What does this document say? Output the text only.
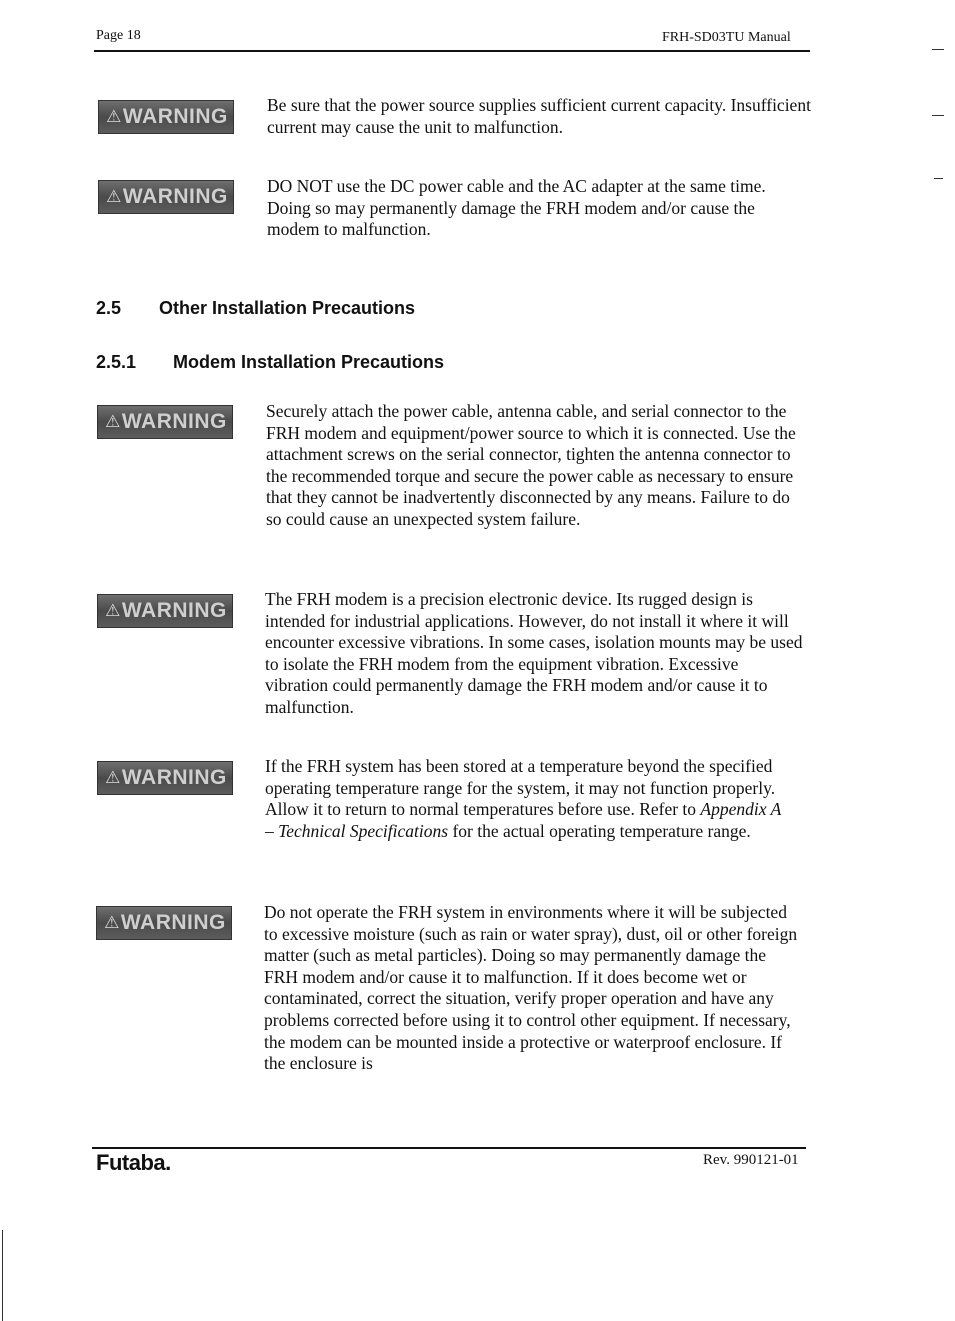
Page 18	FRH-SD03TU Manual
⚠ WARNING Be sure that the power source supplies sufficient current capacity. Insufficient current may cause the unit to malfunction.
⚠ WARNING DO NOT use the DC power cable and the AC adapter at the same time. Doing so may permanently damage the FRH modem and/or cause the modem to malfunction.
2.5 Other Installation Precautions
2.5.1 Modem Installation Precautions
⚠ WARNING Securely attach the power cable, antenna cable, and serial connector to the FRH modem and equipment/power source to which it is connected. Use the attachment screws on the serial connector, tighten the antenna connector to the recommended torque and secure the power cable as necessary to ensure that they cannot be inadvertently disconnected by any means. Failure to do so could cause an unexpected system failure.
⚠ WARNING The FRH modem is a precision electronic device. Its rugged design is intended for industrial applications. However, do not install it where it will encounter excessive vibrations. In some cases, isolation mounts may be used to isolate the FRH modem from the equipment vibration. Excessive vibration could permanently damage the FRH modem and/or cause it to malfunction.
⚠ WARNING If the FRH system has been stored at a temperature beyond the specified operating temperature range for the system, it may not function properly. Allow it to return to normal temperatures before use. Refer to Appendix A – Technical Specifications for the actual operating temperature range.
⚠ WARNING Do not operate the FRH system in environments where it will be subjected to excessive moisture (such as rain or water spray), dust, oil or other foreign matter (such as metal particles). Doing so may permanently damage the FRH modem and/or cause it to malfunction. If it does become wet or contaminated, correct the situation, verify proper operation and have any problems corrected before using it to control other equipment. If necessary, the modem can be mounted inside a protective or waterproof enclosure. If the enclosure is
Futaba.	Rev. 990121-01
